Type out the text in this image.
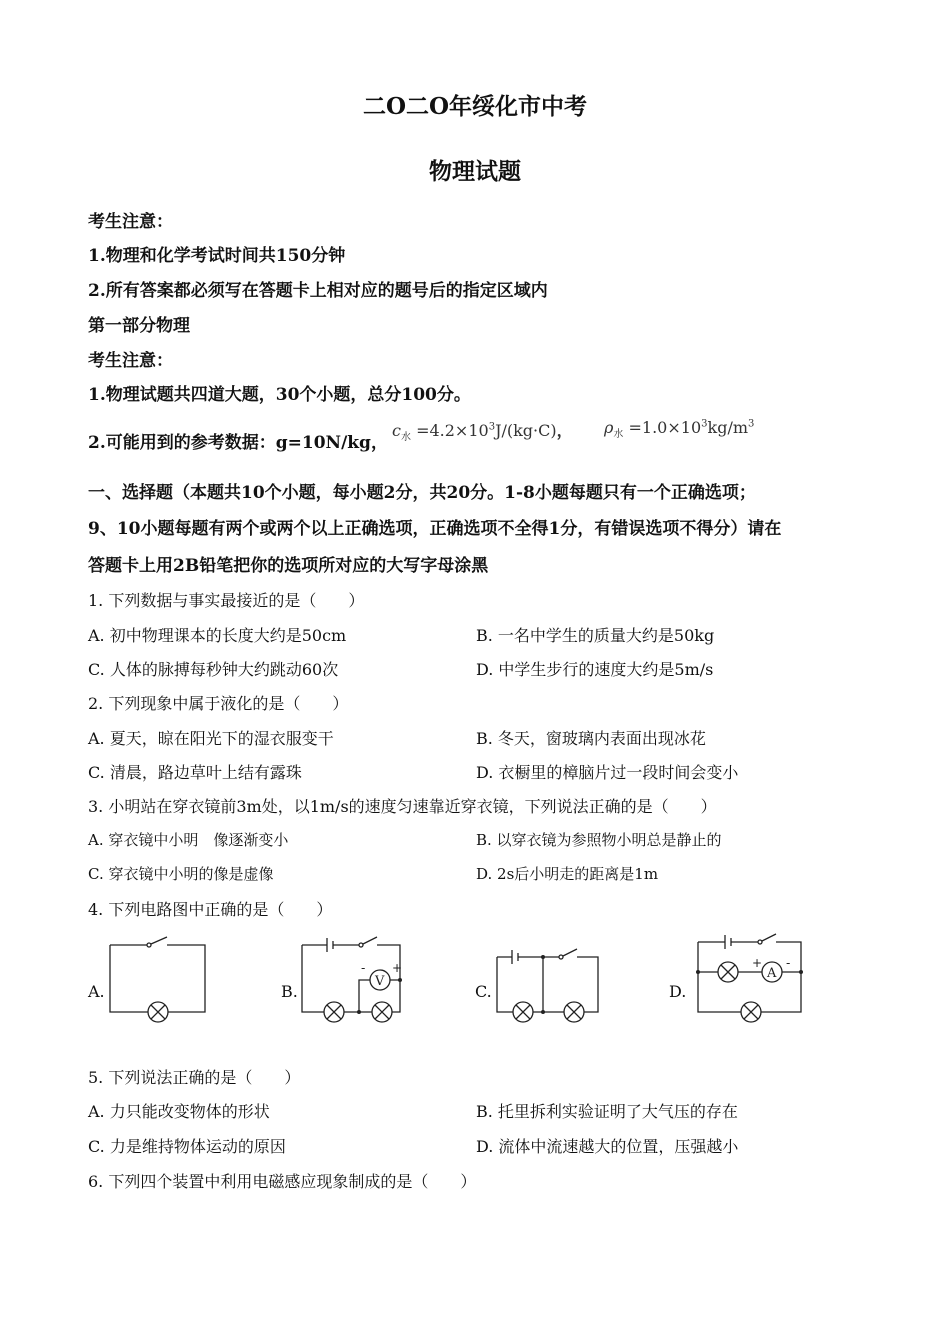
二O二O年绥化市中考
物理试题
考生注意：
1.物理和化学考试时间共150分钟
2.所有答案都必须写在答题卡上相对应的题号后的指定区域内
第一部分物理
考生注意：
1.物理试题共四道大题，30个小题，总分100分。
2.可能用到的参考数据：g=10N/kg，
$c_水 =4.2\times 10^3J/(kg\cdot C)$， $\rho_水 =1.0\times 10^3kg/m^3$
一、选择题（本题共10个小题，每小题2分，共20分。1-8小题每题只有一个正确选项；
9、10小题每题有两个或两个以上正确选项，正确选项不全得1分，有错误选项不得分）请在
答题卡上用2B铅笔把你的选项所对应的大写字母涂黑
1. 下列数据与事实最接近的是（　　）
A. 初中物理课本的长度大约是50cm	B. 一名中学生的质量大约是50kg
C. 人体的脉搏每秒钟大约跳动60次	D. 中学生步行的速度大约是5m/s
2. 下列现象中属于液化的是（　　）
A. 夏天，晾在阳光下的湿衣服变干	B. 冬天，窗玻璃内表面出现冰花
C. 清晨，路边草叶上结有露珠	D. 衣橱里的樟脑片过一段时间会变小
3. 小明站在穿衣镜前3m处，以1m/s的速度匀速靠近穿衣镜，下列说法正确的是（　　）
A. 穿衣镜中小明　像逐渐变小	B. 以穿衣镜为参照物小明总是静止的
C. 穿衣镜中小明的像是虚像	D. 2s后小明走的距离是1m
4. 下列电路图中正确的是（　　）
A.	B.
V
- +
C.	D.
A
+ -
5. 下列说法正确的是（　　）
A. 力只能改变物体的形状	B. 托里拆利实验证明了大气压的存在
C. 力是维持物体运动的原因	D. 流体中流速越大的位置，压强越小
6. 下列四个装置中利用电磁感应现象制成的是（　　）
